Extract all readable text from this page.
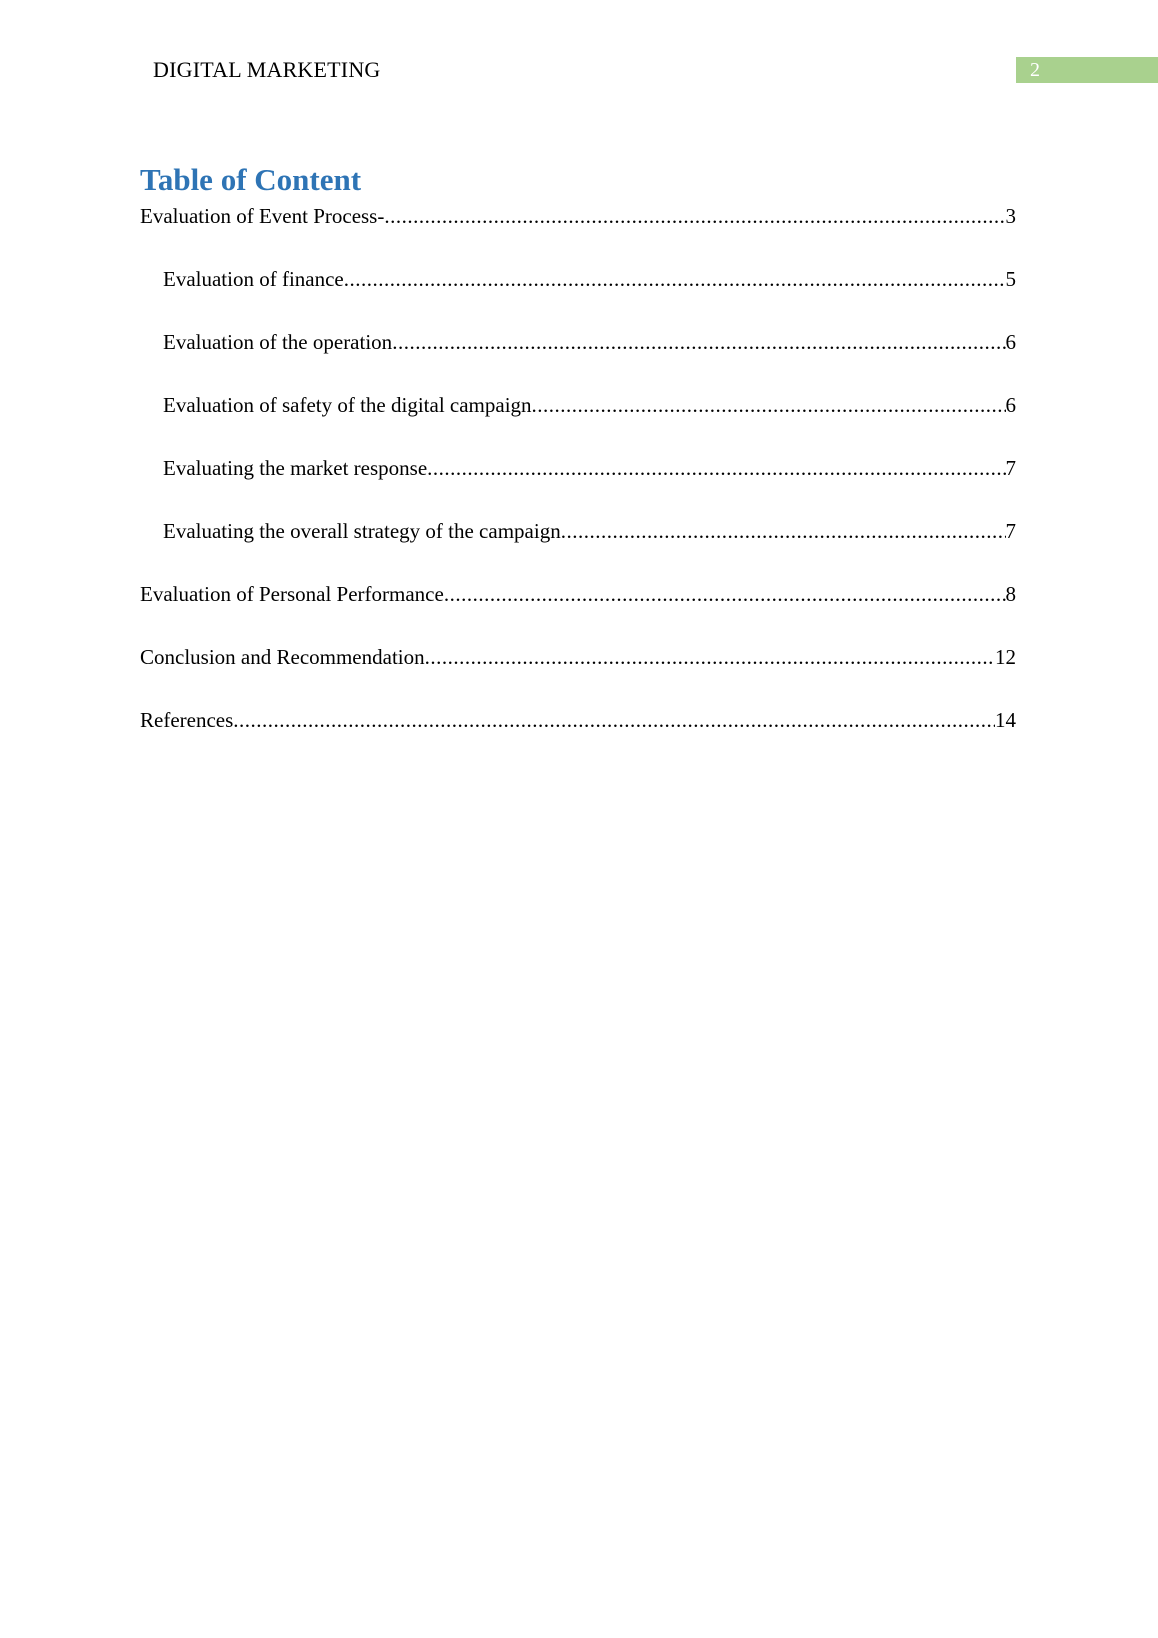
DIGITAL MARKETING	2
Table of Content
Evaluation of Event Process- .....	3
Evaluation of finance .....	5
Evaluation of the operation .....	6
Evaluation of safety of the digital campaign .....	6
Evaluating the market response .....	7
Evaluating the overall strategy of the campaign .....	7
Evaluation of Personal Performance .....	8
Conclusion and Recommendation .....	12
References .....	14
